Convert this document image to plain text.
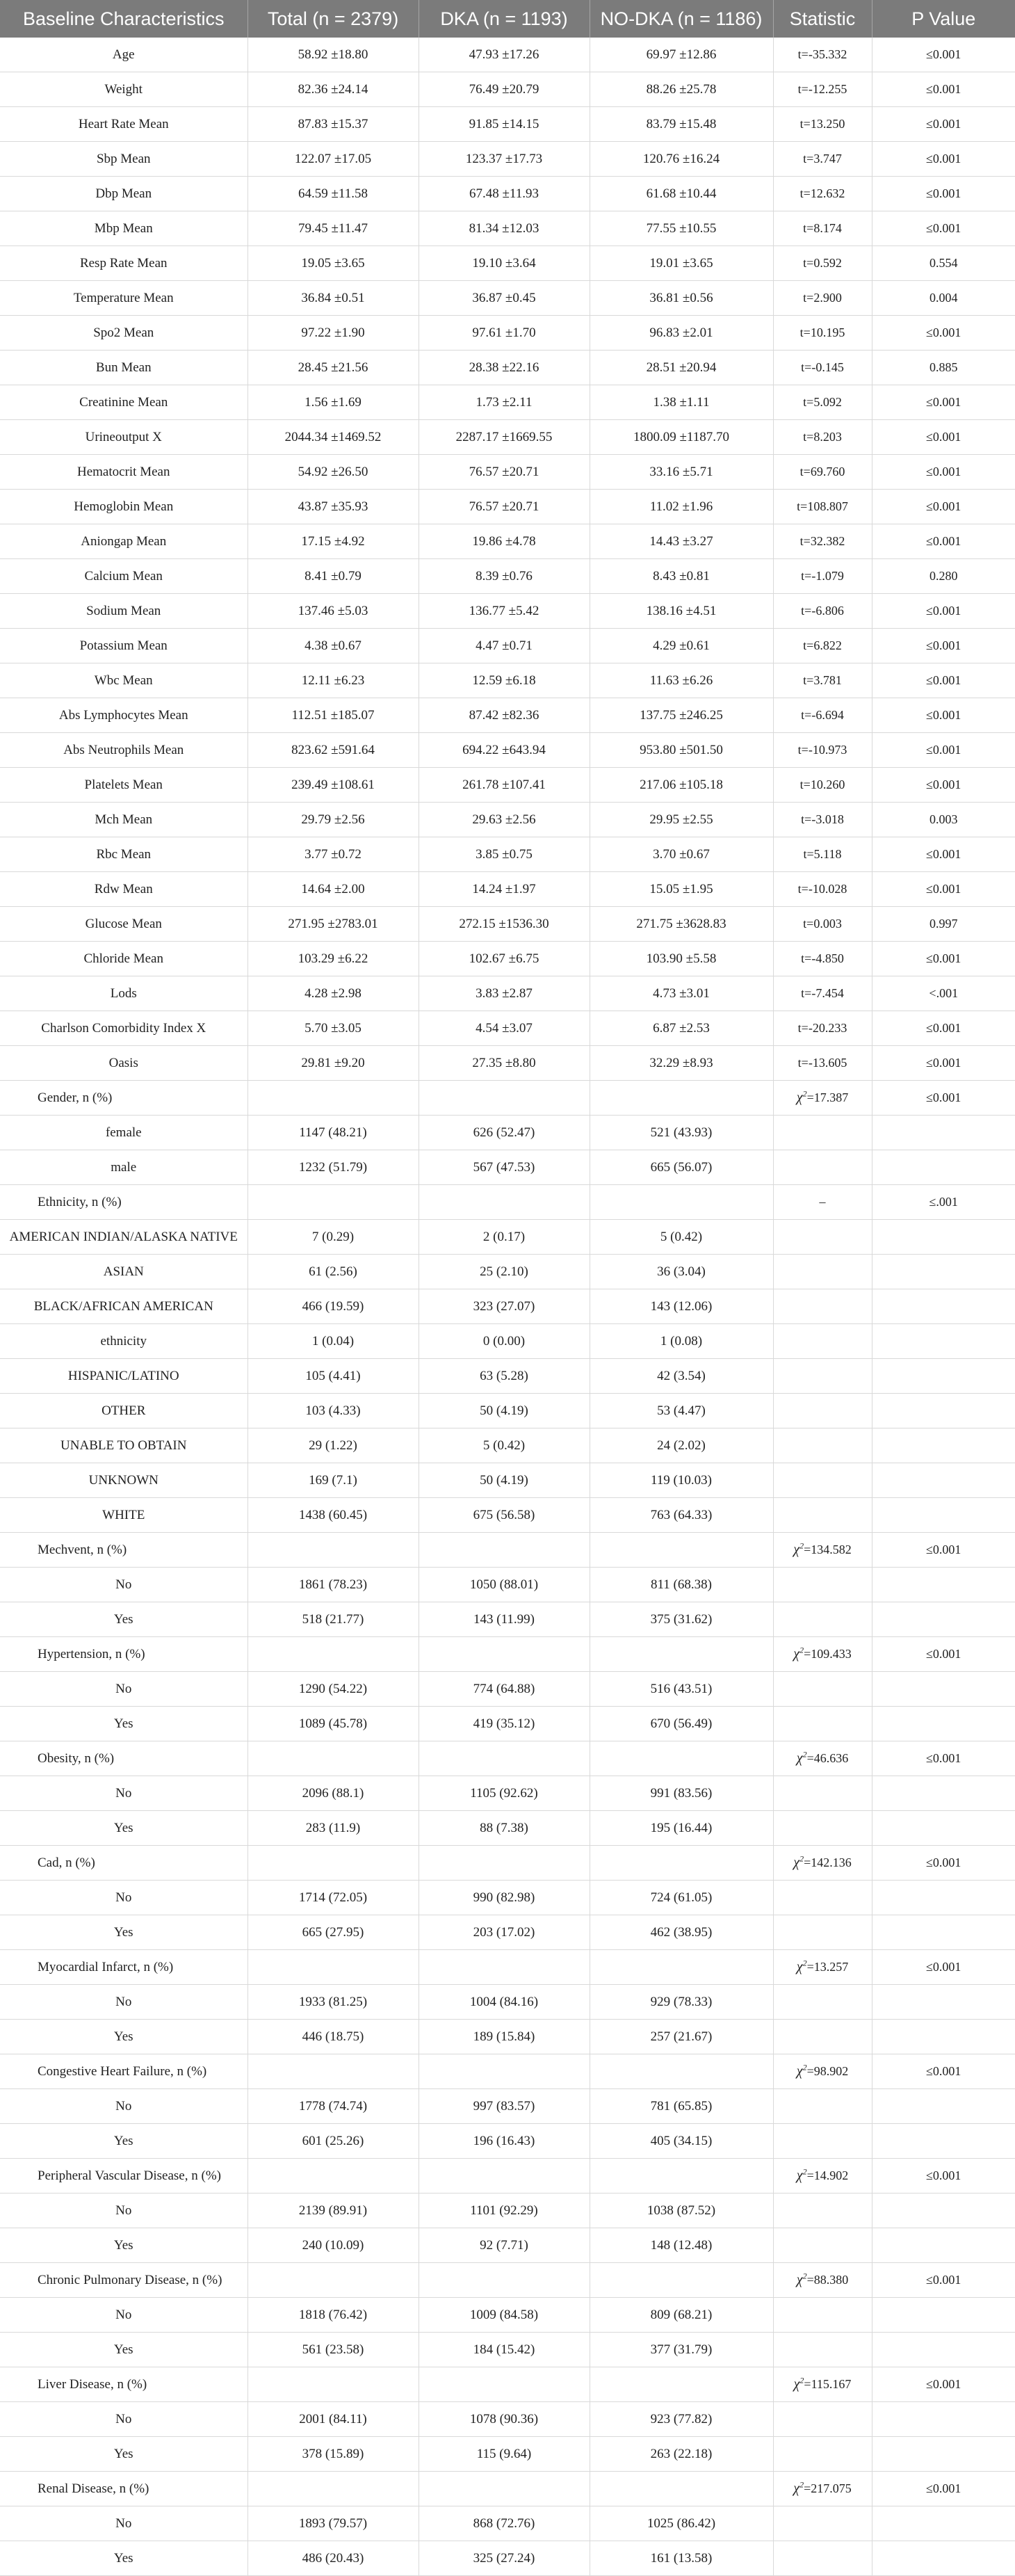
Baseline Characteristics	Total (n = 2379)	DKA (n = 1193)	NO-DKA (n = 1186)	Statistic	P Value
Age	58.92 ±18.80	47.93 ±17.26	69.97 ±12.86	t=-35.332	≤0.001
Weight	82.36 ±24.14	76.49 ±20.79	88.26 ±25.78	t=-12.255	≤0.001
Heart Rate Mean	87.83 ±15.37	91.85 ±14.15	83.79 ±15.48	t=13.250	≤0.001
Sbp Mean	122.07 ±17.05	123.37 ±17.73	120.76 ±16.24	t=3.747	≤0.001
Dbp Mean	64.59 ±11.58	67.48 ±11.93	61.68 ±10.44	t=12.632	≤0.001
Mbp Mean	79.45 ±11.47	81.34 ±12.03	77.55 ±10.55	t=8.174	≤0.001
Resp Rate Mean	19.05 ±3.65	19.10 ±3.64	19.01 ±3.65	t=0.592	0.554
Temperature Mean	36.84 ±0.51	36.87 ±0.45	36.81 ±0.56	t=2.900	0.004
Spo2 Mean	97.22 ±1.90	97.61 ±1.70	96.83 ±2.01	t=10.195	≤0.001
Bun Mean	28.45 ±21.56	28.38 ±22.16	28.51 ±20.94	t=-0.145	0.885
Creatinine Mean	1.56 ±1.69	1.73 ±2.11	1.38 ±1.11	t=5.092	≤0.001
Urineoutput X	2044.34 ±1469.52	2287.17 ±1669.55	1800.09 ±1187.70	t=8.203	≤0.001
Hematocrit Mean	54.92 ±26.50	76.57 ±20.71	33.16 ±5.71	t=69.760	≤0.001
Hemoglobin Mean	43.87 ±35.93	76.57 ±20.71	11.02 ±1.96	t=108.807	≤0.001
Aniongap Mean	17.15 ±4.92	19.86 ±4.78	14.43 ±3.27	t=32.382	≤0.001
Calcium Mean	8.41 ±0.79	8.39 ±0.76	8.43 ±0.81	t=-1.079	0.280
Sodium Mean	137.46 ±5.03	136.77 ±5.42	138.16 ±4.51	t=-6.806	≤0.001
Potassium Mean	4.38 ±0.67	4.47 ±0.71	4.29 ±0.61	t=6.822	≤0.001
Wbc Mean	12.11 ±6.23	12.59 ±6.18	11.63 ±6.26	t=3.781	≤0.001
Abs Lymphocytes Mean	112.51 ±185.07	87.42 ±82.36	137.75 ±246.25	t=-6.694	≤0.001
Abs Neutrophils Mean	823.62 ±591.64	694.22 ±643.94	953.80 ±501.50	t=-10.973	≤0.001
Platelets Mean	239.49 ±108.61	261.78 ±107.41	217.06 ±105.18	t=10.260	≤0.001
Mch Mean	29.79 ±2.56	29.63 ±2.56	29.95 ±2.55	t=-3.018	0.003
Rbc Mean	3.77 ±0.72	3.85 ±0.75	3.70 ±0.67	t=5.118	≤0.001
Rdw Mean	14.64 ±2.00	14.24 ±1.97	15.05 ±1.95	t=-10.028	≤0.001
Glucose Mean	271.95 ±2783.01	272.15 ±1536.30	271.75 ±3628.83	t=0.003	0.997
Chloride Mean	103.29 ±6.22	102.67 ±6.75	103.90 ±5.58	t=-4.850	≤0.001
Lods	4.28 ±2.98	3.83 ±2.87	4.73 ±3.01	t=-7.454	<.001
Charlson Comorbidity Index X	5.70 ±3.05	4.54 ±3.07	6.87 ±2.53	t=-20.233	≤0.001
Oasis	29.81 ±9.20	27.35 ±8.80	32.29 ±8.93	t=-13.605	≤0.001
Gender, n (%)				$\chi^2=17.387$	≤0.001
female	1147 (48.21)	626 (52.47)	521 (43.93)		
male	1232 (51.79)	567 (47.53)	665 (56.07)		
Ethnicity, n (%)				–	≤.001
AMERICAN INDIAN/ALASKA NATIVE	7 (0.29)	2 (0.17)	5 (0.42)		
ASIAN	61 (2.56)	25 (2.10)	36 (3.04)		
BLACK/AFRICAN AMERICAN	466 (19.59)	323 (27.07)	143 (12.06)		
ethnicity	1 (0.04)	0 (0.00)	1 (0.08)		
HISPANIC/LATINO	105 (4.41)	63 (5.28)	42 (3.54)		
OTHER	103 (4.33)	50 (4.19)	53 (4.47)		
UNABLE TO OBTAIN	29 (1.22)	5 (0.42)	24 (2.02)		
UNKNOWN	169 (7.1)	50 (4.19)	119 (10.03)		
WHITE	1438 (60.45)	675 (56.58)	763 (64.33)		
Mechvent, n (%)				$\chi^2=134.582$	≤0.001
No	1861 (78.23)	1050 (88.01)	811 (68.38)		
Yes	518 (21.77)	143 (11.99)	375 (31.62)		
Hypertension, n (%)				$\chi^2=109.433$	≤0.001
No	1290 (54.22)	774 (64.88)	516 (43.51)		
Yes	1089 (45.78)	419 (35.12)	670 (56.49)		
Obesity, n (%)				$\chi^2=46.636$	≤0.001
No	2096 (88.1)	1105 (92.62)	991 (83.56)		
Yes	283 (11.9)	88 (7.38)	195 (16.44)		
Cad, n (%)				$\chi^2=142.136$	≤0.001
No	1714 (72.05)	990 (82.98)	724 (61.05)		
Yes	665 (27.95)	203 (17.02)	462 (38.95)		
Myocardial Infarct, n (%)				$\chi^2=13.257$	≤0.001
No	1933 (81.25)	1004 (84.16)	929 (78.33)		
Yes	446 (18.75)	189 (15.84)	257 (21.67)		
Congestive Heart Failure, n (%)				$\chi^2=98.902$	≤0.001
No	1778 (74.74)	997 (83.57)	781 (65.85)		
Yes	601 (25.26)	196 (16.43)	405 (34.15)		
Peripheral Vascular Disease, n (%)				$\chi^2=14.902$	≤0.001
No	2139 (89.91)	1101 (92.29)	1038 (87.52)		
Yes	240 (10.09)	92 (7.71)	148 (12.48)		
Chronic Pulmonary Disease, n (%)				$\chi^2=88.380$	≤0.001
No	1818 (76.42)	1009 (84.58)	809 (68.21)		
Yes	561 (23.58)	184 (15.42)	377 (31.79)		
Liver Disease, n (%)				$\chi^2=115.167$	≤0.001
No	2001 (84.11)	1078 (90.36)	923 (77.82)		
Yes	378 (15.89)	115 (9.64)	263 (22.18)		
Renal Disease, n (%)				$\chi^2=217.075$	≤0.001
No	1893 (79.57)	868 (72.76)	1025 (86.42)		
Yes	486 (20.43)	325 (27.24)	161 (13.58)		
